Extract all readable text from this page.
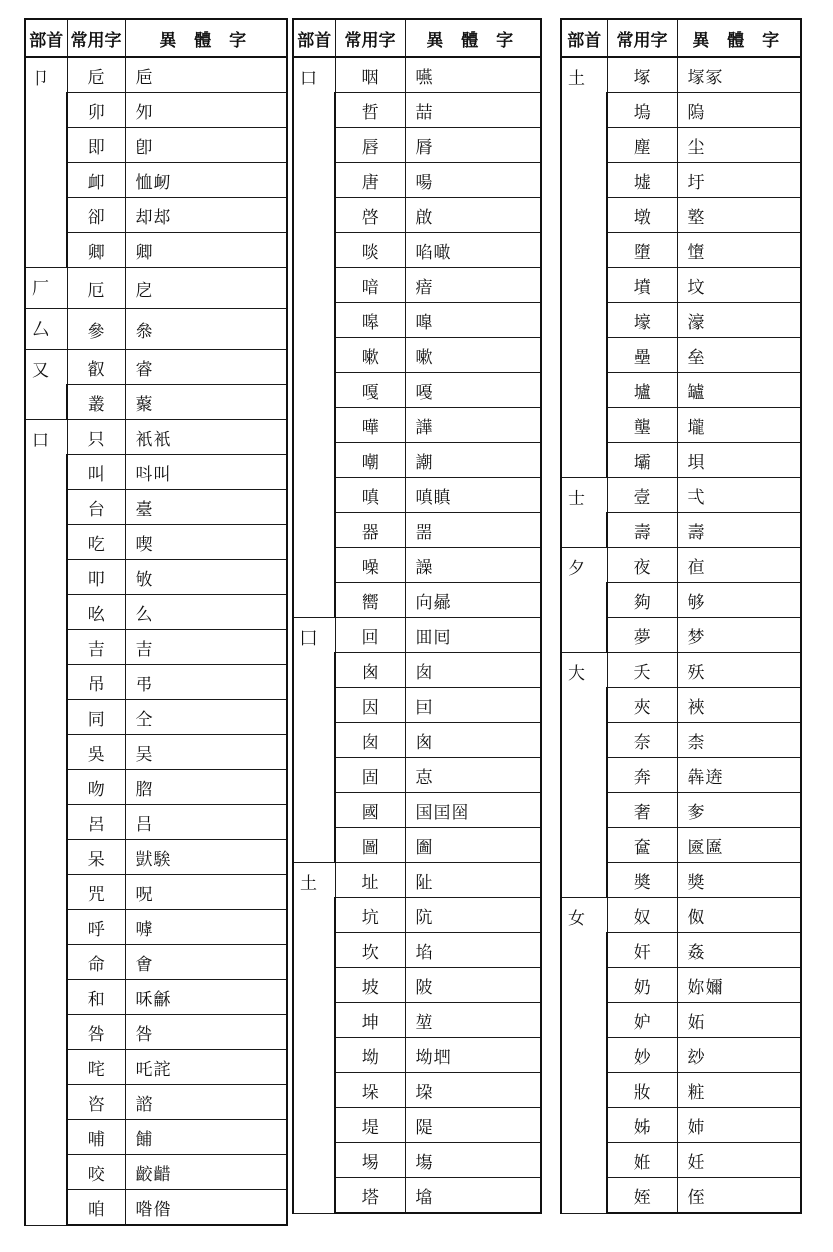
部首	常用字	異 體 字
卩	卮	巵
	卯	夘
	即	卽
	卹	恤衂
	卻	却𨚫
	卿	卿
厂	厄	戹
厶	參	叅
又	叡	睿
	叢	藂
口	只	衹衹
	叫	呌叫
	台	臺
	吃	喫
	叩	敂
	吆	么
	吉	吉
	吊	弔
	同	仝
	吳	吴
	吻	脗
	呂	吕
	呆	獃騃
	咒	呪
	呼	嘑
	命	㑹
	和	咊龢
	咎	咎
	咤	吒詫
	咨	諮
	哺	餔
	咬	齩齰
	咱	喒偺
部首	常用字	異 體 字
口	咽	嚥
	哲	喆
	唇	脣
	唐	啺
	啓	啟
	啖	啗噉
	喑	瘖
	嗥	嘷
	嗽	嗽
	嘎	嘠
	嘩	譁
	嘲	謿
	嗔	嗔瞋
	器	噐
	噪	譟
	嚮	向曏
囗	回	囬囘
	囪	囱
	因	囙
	囱	囪
	固	怘
	國	国囯囶
	圖	圗
土	址	阯
	坑	阬
	坎	埳
	坡	陂
	坤	堃
	坳	坳垇
	垛	垜
	堤	隄
	埸	塲
	塔	墖
部首	常用字	異 體 字
土	塚	塜冢
	塢	隖
	塵	尘
	墟	圩
	墩	墪
	墮	墯
	墳	坟
	壕	濠
	壘	垒
	壚	罏
	壟	壠
	壩	垻
士	壹	弌
	壽	壽
夕	夜	亱
	夠	够
	夢	梦
大	夭	殀
	夾	裌
	奈	柰
	奔	犇逩
	奢	奓
	奩	匳匲
	奬	獎
女	奴	伮
	奸	姦
	奶	妳嬭
	妒	妬
	妙	玅
	妝	粧
	姊	姉
	姙	妊
	姪	侄
